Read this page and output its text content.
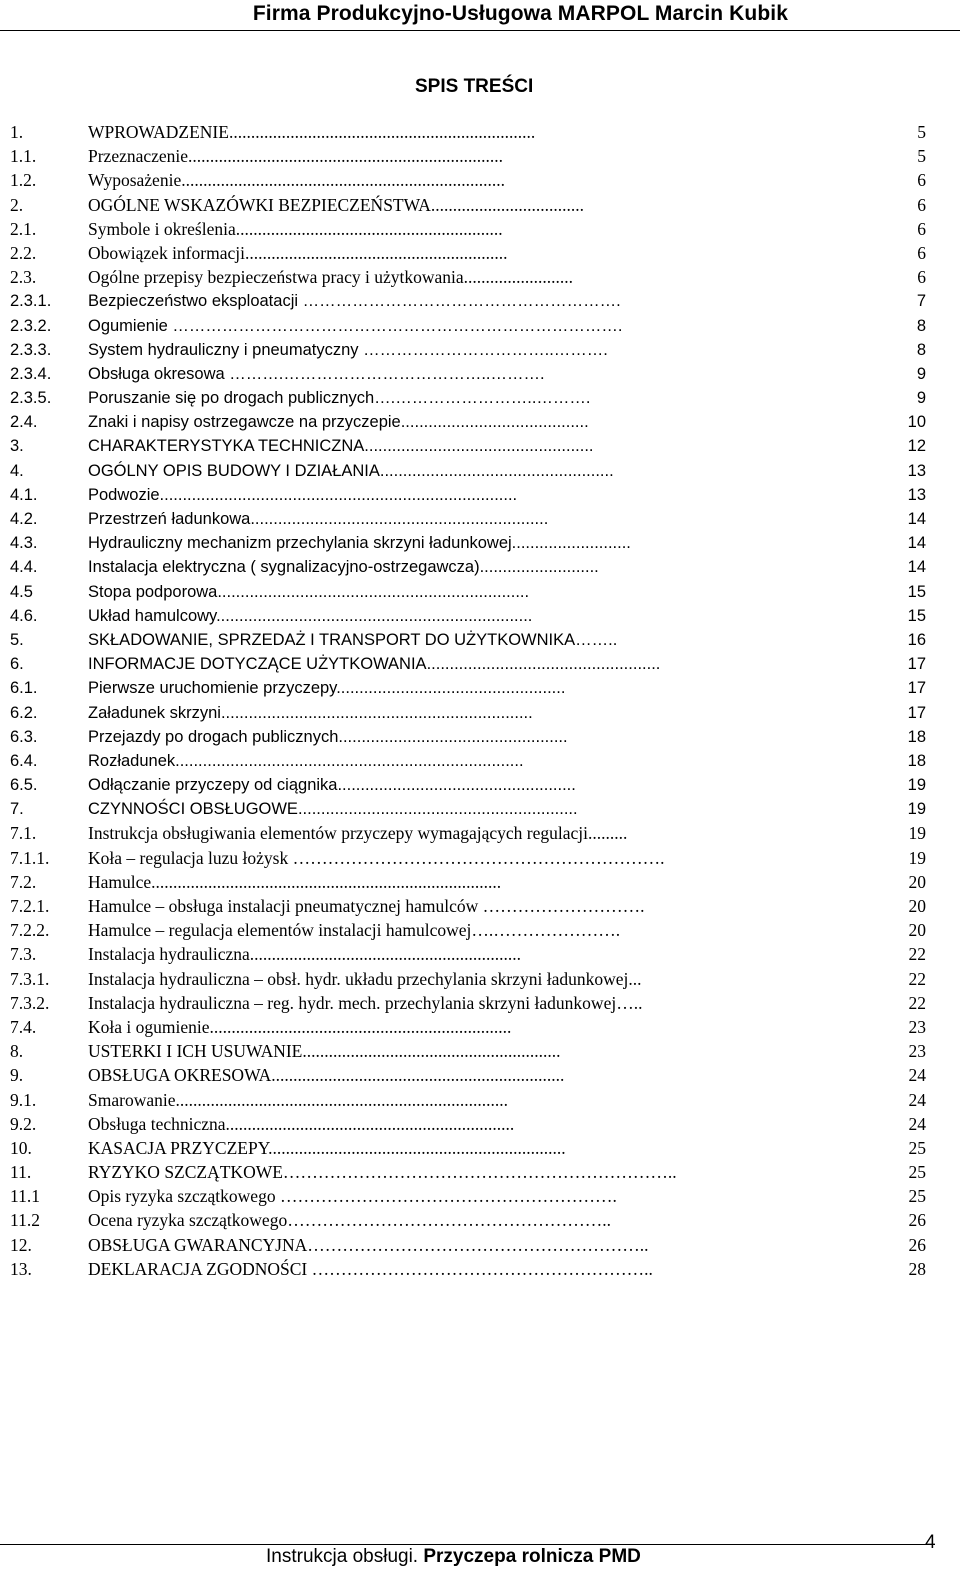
Firma Produkcyjno-Usługowa MARPOL Marcin Kubik
SPIS TREŚCI
1.	WPROWADZENIE......................................................................	5
1.1.	Przeznaczenie........................................................................	5
1.2.	Wyposażenie..........................................................................	6
2.	OGÓLNE WSKAZÓWKI BEZPIECZEŃSTWA...................................	6
2.1.	Symbole i określenia.............................................................	6
2.2.	Obowiązek informacji............................................................	6
2.3.	Ogólne przepisy bezpieczeństwa pracy i użytkowania.........................	6
2.3.1. Bezpieczeństwo eksploatacji ………………………………………………….	7
2.3.2. Ogumienie ……………………………………………………………………….	8
2.3.3. System hydrauliczny i pneumatyczny ……………………………..……….	8
2.3.4. Obsługa okresowa ……….………………………………..……….	9
2.3.5. Poruszanie się po drogach publicznych….……………………..……….	9
2.4.	Znaki i napisy ostrzegawcze na przyczepie.........................................	10
3.	CHARAKTERYSTYKA TECHNICZNA..................................................	12
4.	OGÓLNY OPIS BUDOWY I DZIAŁANIA...................................................	13
4.1.	Podwozie..............................................................................	13
4.2.	Przestrzeń ładunkowa.................................................................	14
4.3.	Hydrauliczny mechanizm przechylania skrzyni ładunkowej..........................	14
4.4.	Instalacja elektryczna ( sygnalizacyjno-ostrzegawcza)..........................	14
4.5	Stopa podporowa....................................................................	15
4.6.	Układ hamulcowy.....................................................................	15
5.	SKŁADOWANIE, SPRZEDAŻ I TRANSPORT DO UŻYTKOWNIKA……..	16
6.	INFORMACJE DOTYCZĄCE UŻYTKOWANIA...................................................	17
6.1.	Pierwsze uruchomienie przyczepy..................................................	17
6.2.	Załadunek skrzyni....................................................................	17
6.3.	Przejazdy po drogach publicznych..................................................	18
6.4.	Rozładunek............................................................................	18
6.5.	Odłączanie przyczepy od ciągnika....................................................	19
7.	CZYNNOŚCI OBSŁUGOWE.............................................................	19
7.1.	Instrukcja obsługiwania elementów przyczepy wymagających regulacji.........	19
7.1.1. Koła – regulacja luzu łożysk ……………………………………………………….	19
7.2.	Hamulce................................................................................	20
7.2.1. Hamulce – obsługa instalacji pneumatycznej hamulców ……………………….	20
7.2.2. Hamulce – regulacja elementów instalacji hamulcowej….………………….	20
7.3.	Instalacja hydrauliczna..............................................................	22
7.3.1. Instalacja hydrauliczna – obsł. hydr. układu przechylania skrzyni ładunkowej...	22
7.3.2. Instalacja hydrauliczna – reg. hydr. mech. przechylania skrzyni ładunkowej…..	22
7.4.	Koła i ogumienie.....................................................................	23
8.	USTERKI I ICH USUWANIE...........................................................	23
9.	OBSŁUGA OKRESOWA...................................................................	24
9.1.	Smarowanie............................................................................	24
9.2.	Obsługa techniczna..................................................................	24
10.	KASACJA PRZYCZEPY....................................................................	25
11.	RYZYKO SZCZĄTKOWE…………………………………………………………..	25
11.1	Opis ryzyka szczątkowego ………………………………………………….	25
11.2	Ocena ryzyka szczątkowego………………………………………………..	26
12.	OBSŁUGA GWARANCYJNA…………………………………………………..	26
13.	DEKLARACJA ZGODNOŚCI …………………………………………………..	28
Instrukcja obsługi. Przyczepa rolnicza PMD
4
